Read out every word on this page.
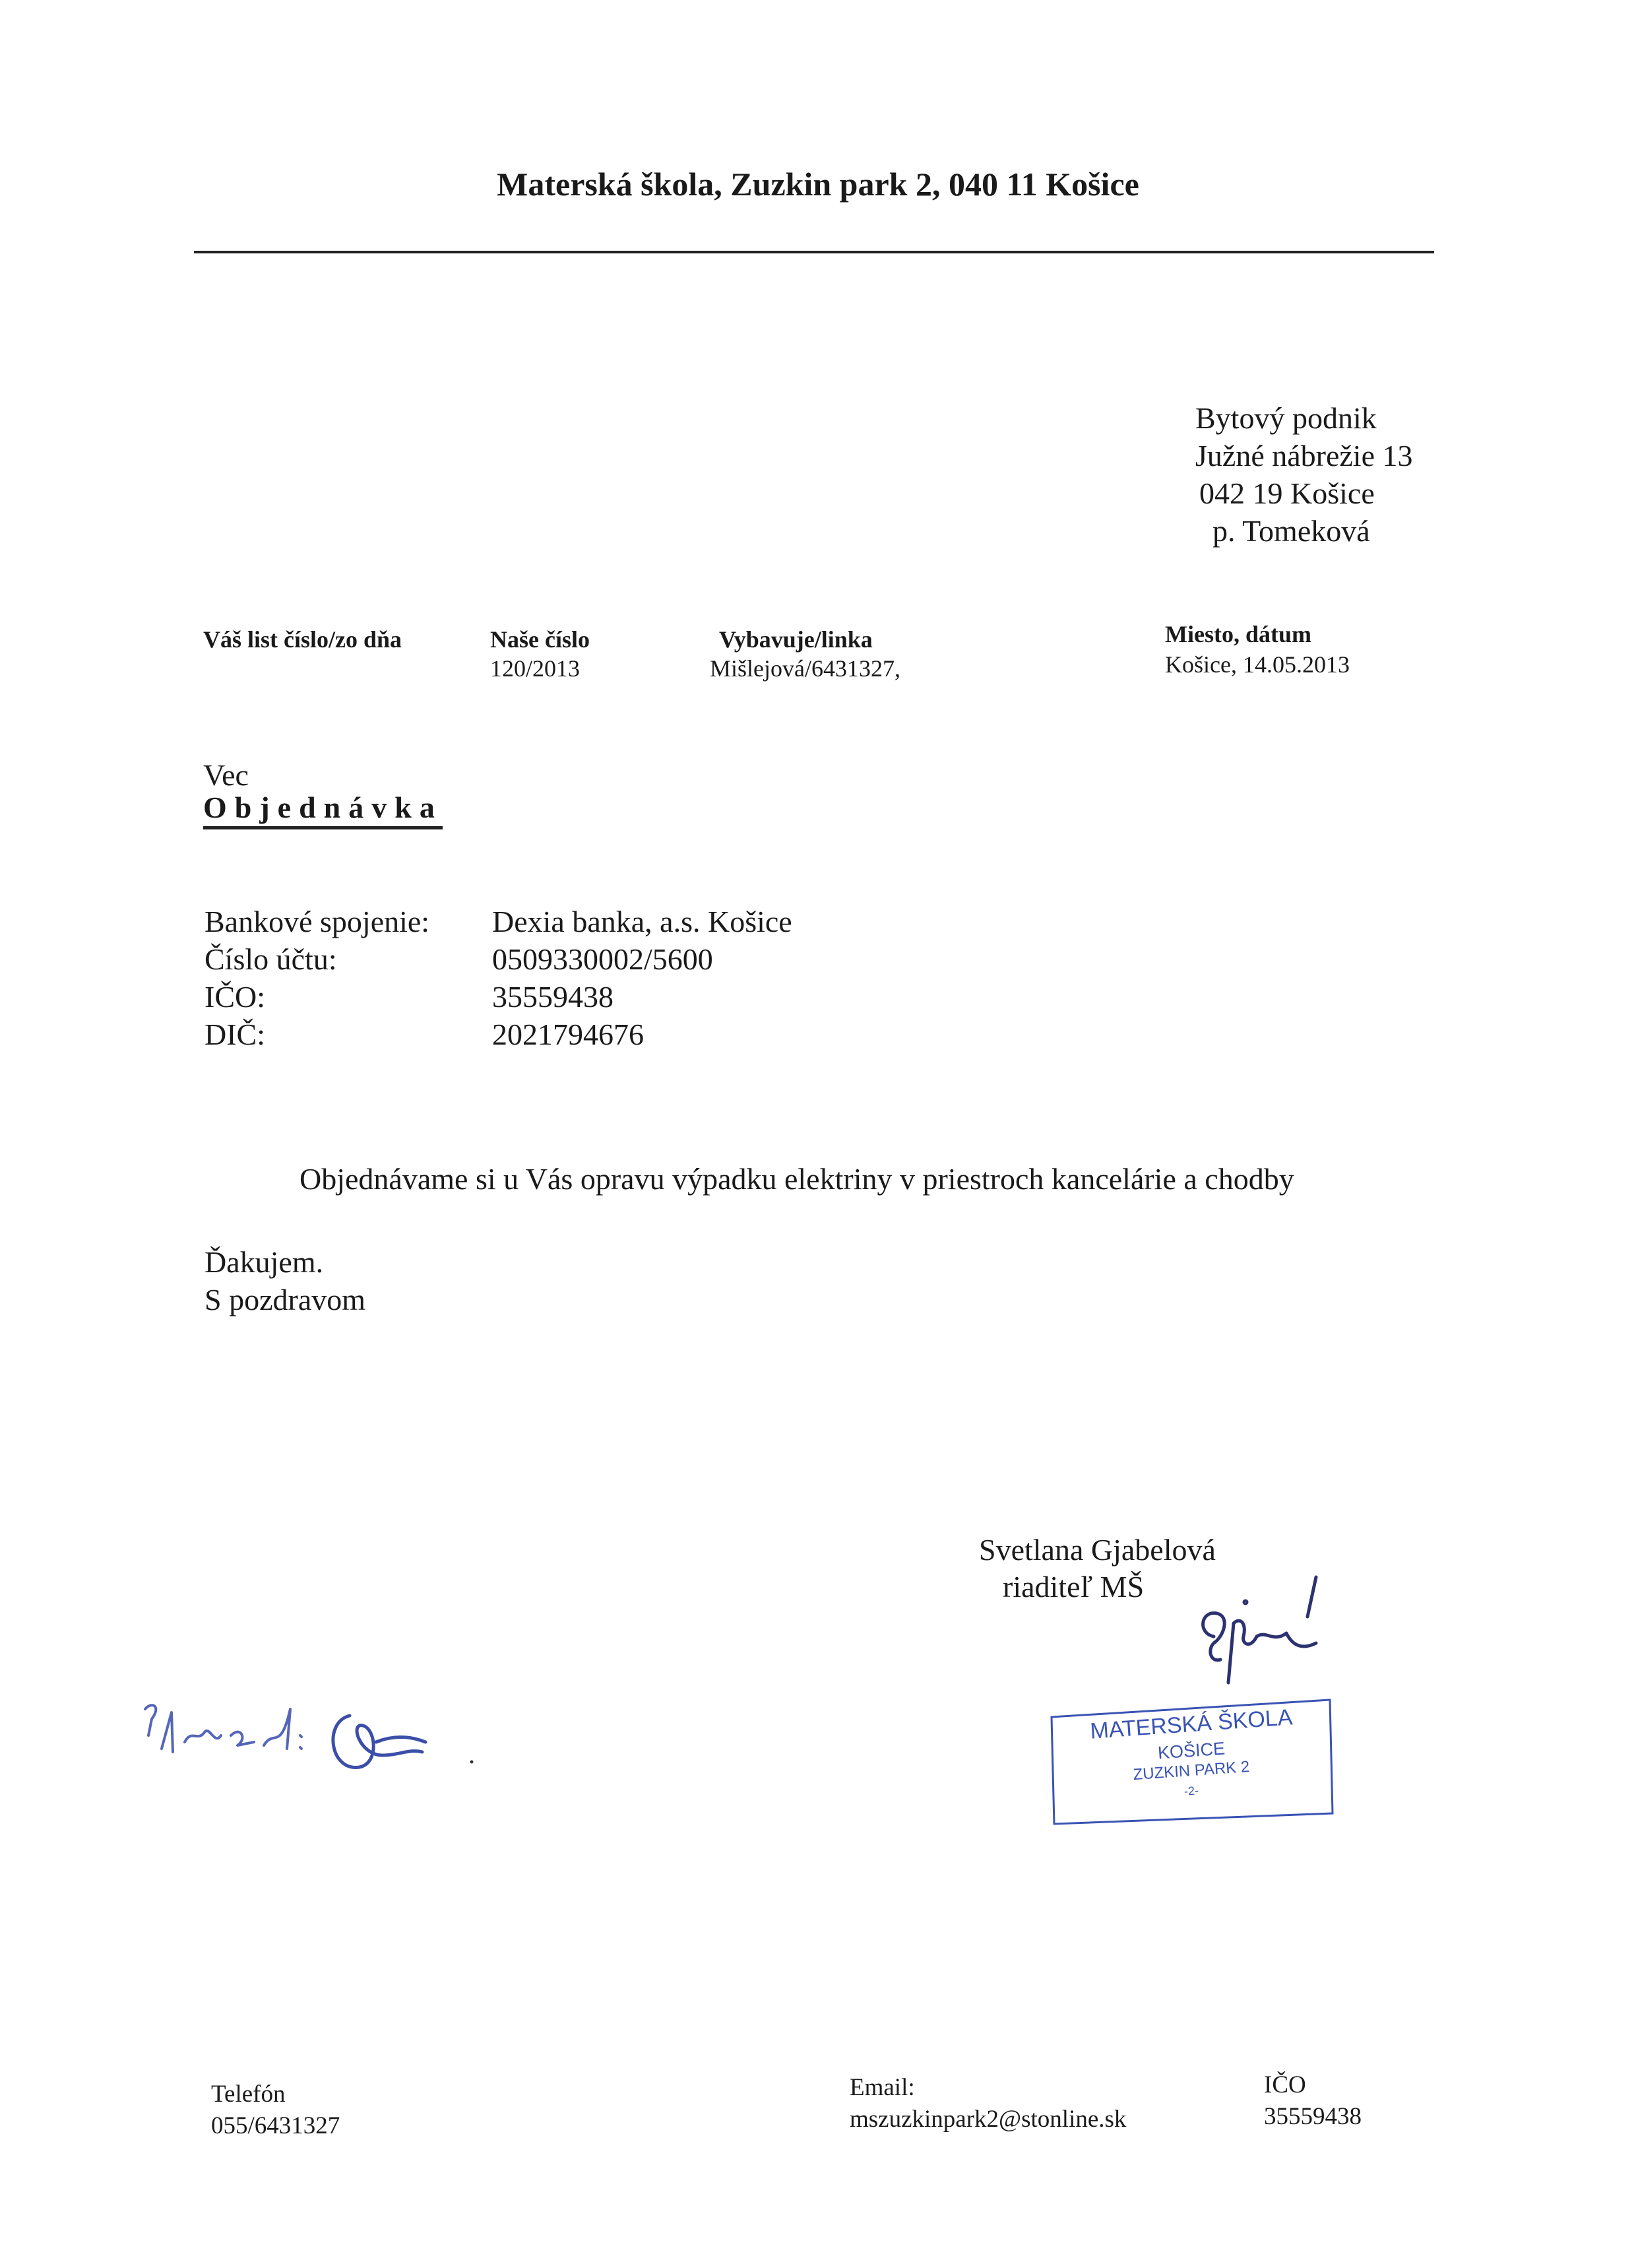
Materská škola, Zuzkin park 2, 040 11 Košice
Bytový podnik
Južné nábrežie 13
042 19 Košice
p. Tomeková
Váš list číslo/zo dňa	Naše číslo
120/2013
Vybavuje/linka
Mišlejová/6431327,
Miesto, dátum
Košice, 14.05.2013
Vec
Objednávka
Bankové spojenie:
Číslo účtu:
IČO:
DIČ:
Dexia banka, a.s. Košice
0509330002/5600
35559438
2021794676
Objednávame si u Vás opravu výpadku elektriny v priestroch kancelárie a chodby
Ďakujem.
S pozdravom
Svetlana Gjabelová
riaditeľ MŠ
MATERSKÁ ŠKOLA
KOŠICE
ZUZKIN PARK 2
-2-
Telefón
055/6431327
Email:
mszuzkinpark2@stonline.sk
IČO
35559438
